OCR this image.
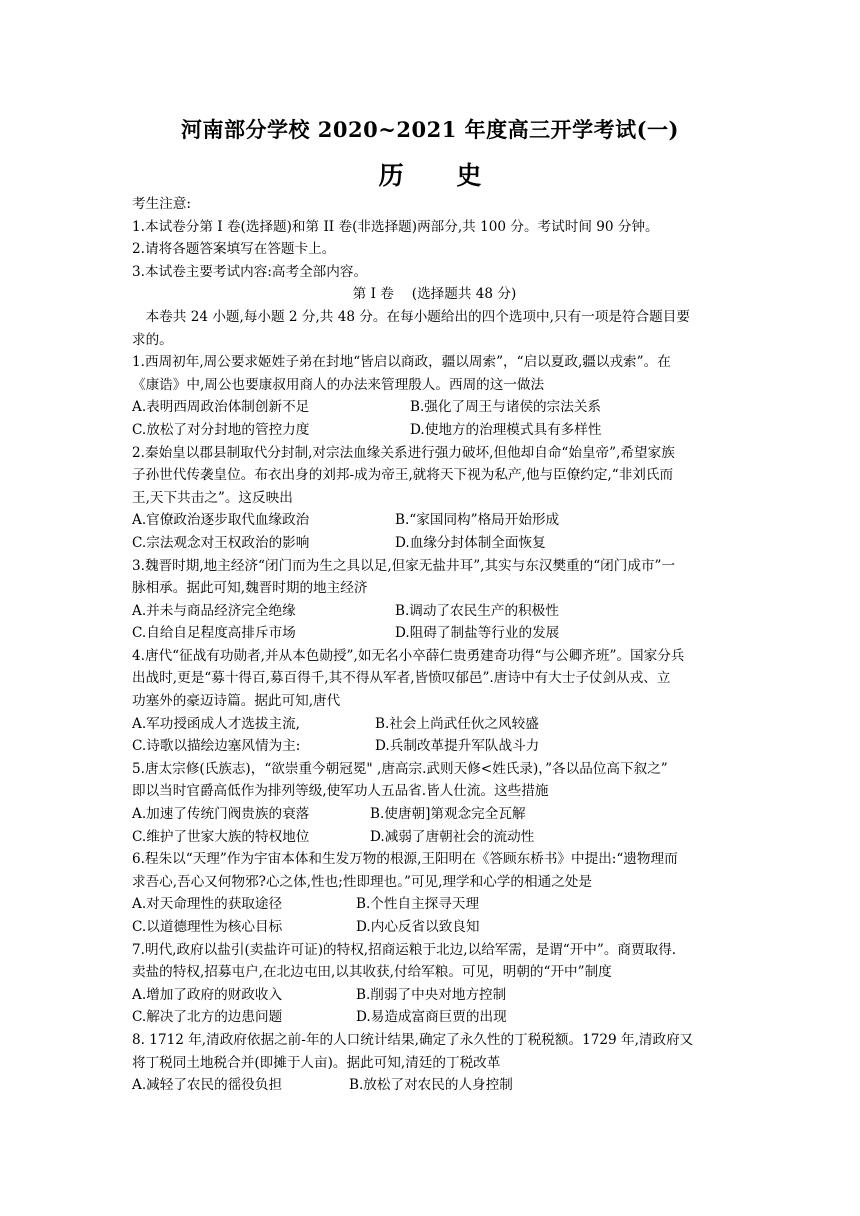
河南部分学校 2020~2021 年度高三开学考试(一)
历 史
考生注意:
1.本试卷分第 I 卷(选择题)和第 II 卷(非选择题)两部分,共 100 分。考试时间 90 分钟。
2.请将各题答案填写在答题卡上。
3.本试卷主要考试内容:高考全部内容。
第 I 卷　 (选择题共 48 分)
　本卷共 24 小题,每小题 2 分,共 48 分。在每小题给出的四个选项中,只有一项是符合题目要
求的。
1.西周初年,周公要求姬姓子弟在封地“皆启以商政，疆以周索”，“启以夏政,疆以戎索”。在
《康诰》中,周公也要康叔用商人的办法来管理殷人。西周的这一做法
A.表明西周政治体制创新不足	B.强化了周王与诸侯的宗法关系
C.放松了对分封地的管控力度	D.使地方的治理模式具有多样性
2.秦始皇以郡县制取代分封制,对宗法血缘关系进行强力破坏,但他却自命“始皇帝”,希望家族
子孙世代传袭皇位。布衣出身的刘邦-成为帝王,就将天下视为私产,他与臣僚约定,“非刘氏而
王,天下共击之”。这反映出
A.官僚政治逐步取代血缘政治	B.“家国同构”格局开始形成
C.宗法观念对王权政治的影响	D.血缘分封体制全面恢复
3.魏晋时期,地主经济“闭门而为生之具以足,但家无盐井耳”,其实与东汉樊重的“闭门成市”一
脉相承。据此可知,魏晋时期的地主经济
A.并未与商品经济完全绝缘	B.调动了农民生产的积极性
C.自给自足程度高排斥市场	D.阻碍了制盐等行业的发展
4.唐代“征战有功勋者,并从本色勋授”,如无名小卒薛仁贵勇建奇功得“与公卿齐班”。国家分兵
出战时,更是“募十得百,募百得千,其不得从军者,皆愤叹郁邑”.唐诗中有大士子仗剑从戎、立
功塞外的豪迈诗篇。据此可知,唐代
A.军功授函成人才选拔主流,	B.社会上尚武任伙之风较盛
C.诗歌以描绘边塞风情为主:	D.兵制改革提升军队战斗力
5.唐太宗修(氏族志)，“欲崇重今朝冠冕" ,唐高宗.武则天修<姓氏录)，”各以品位高下叙之”
即以当时官爵高低作为排列等级,使军功人五品省.皆人仕流。这些措施
A.加速了传统门阀贵族的衰落	B.使唐朝]第观念完全瓦解
C.维护了世家大族的特权地位	D.减弱了唐朝社会的流动性
6.程朱以“天理”作为宇宙本体和生发万物的根源,王阳明在《答顾东桥书》中提出:“遗物理而
求吾心,吾心又何物邪?心之体,性也;性即理也。”可见,理学和心学的相通之处是
A.对天命理性的获取途径	B.个性自主探寻天理
C.以道德理性为核心目标	D.内心反省以致良知
7.明代,政府以盐引(卖盐许可证)的特权,招商运粮于北边,以给军需，是谓“开中”。商贾取得.
卖盐的特权,招募屯户,在北边屯田,以其收获,付给军粮。可见，明朝的“开中”制度
A.增加了政府的财政收入	B.削弱了中央对地方控制
C.解决了北方的边患问题	D.易造成富商巨贾的出现
8. 1712 年,清政府依据之前-年的人口统计结果,确定了永久性的丁税税额。1729 年,清政府又
将丁税同土地税合并(即摊于人亩)。据此可知,清廷的丁税改革
A.减轻了农民的徭役负担	B.放松了对农民的人身控制
